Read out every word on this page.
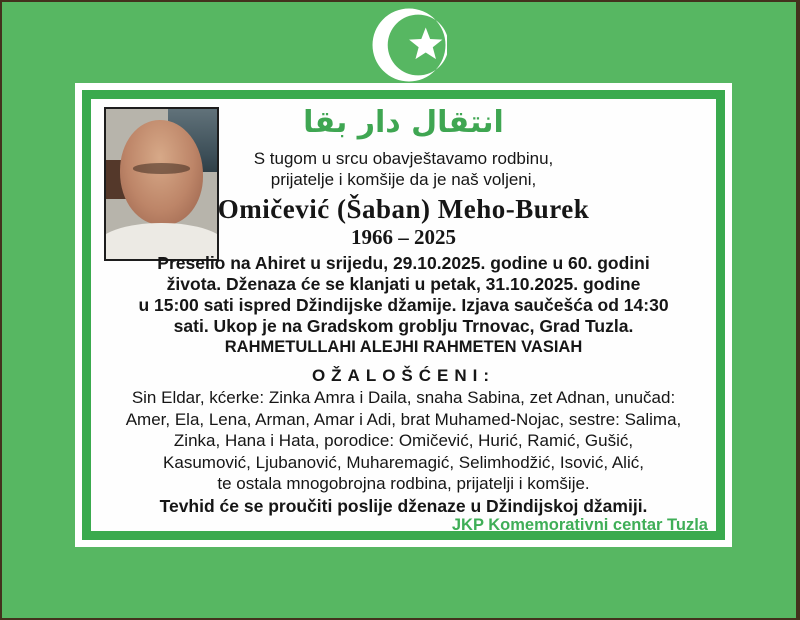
انتقال دار بقا
S tugom u srcu obavještavamo rodbinu,
prijatelje i komšije da je naš voljeni,
Omičević (Šaban) Meho-Burek
1966 – 2025
Preselio na Ahiret u srijedu, 29.10.2025. godine u 60. godini
života. Dženaza će se klanjati u petak, 31.10.2025. godine
u 15:00 sati ispred Džindijske džamije. Izjava saučešća od 14:30
sati. Ukop je na Gradskom groblju Trnovac, Grad Tuzla.
RAHMETULLAHI ALEJHI RAHMETEN VASIAH
OŽALOŠĆENI:
Sin Eldar, kćerke: Zinka Amra i Daila, snaha Sabina, zet Adnan, unučad:
Amer, Ela, Lena, Arman, Amar i Adi, brat Muhamed-Nojac, sestre: Salima,
Zinka, Hana i Hata, porodice: Omičević, Hurić, Ramić, Gušić,
Kasumović, Ljubanović, Muharemagić, Selimhodžić, Isović, Alić,
te ostala mnogobrojna rodbina, prijatelji i komšije.
Tevhid će se proučiti poslije dženaze u Džindijskoj džamiji.
JKP Komemorativni centar Tuzla
